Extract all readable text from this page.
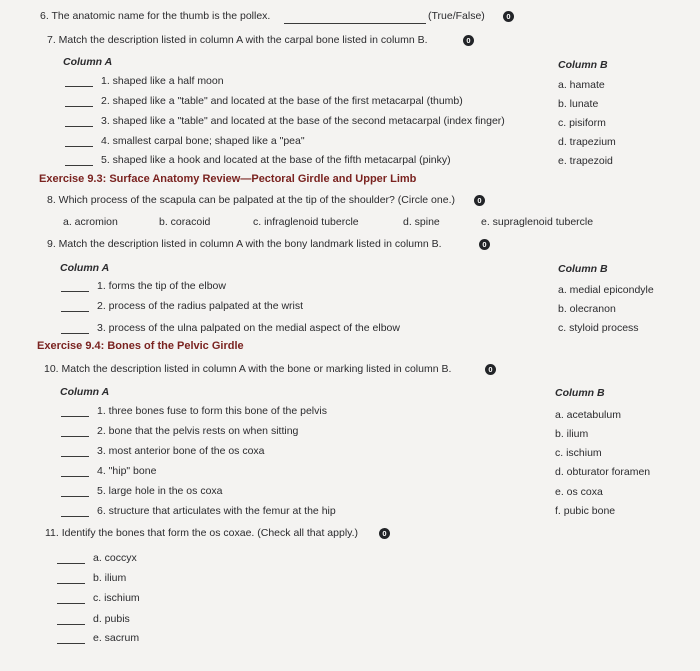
6. The anatomic name for the thumb is the pollex.	(True/False)	0
7. Match the description listed in column A with the carpal bone listed in column B.	0
Column A	Column B
1. shaped like a half moon
2. shaped like a "table" and located at the base of the first metacarpal (thumb)
3. shaped like a "table" and located at the base of the second metacarpal (index finger)
4. smallest carpal bone; shaped like a "pea"
5. shaped like a hook and located at the base of the fifth metacarpal (pinky)
a. hamate
b. lunate
c. pisiform
d. trapezium
e. trapezoid
Exercise 9.3: Surface Anatomy Review—Pectoral Girdle and Upper Limb
8. Which process of the scapula can be palpated at the tip of the shoulder? (Circle one.)	0
a. acromion	b. coracoid	c. infraglenoid tubercle	d. spine	e. supraglenoid tubercle
9. Match the description listed in column A with the bony landmark listed in column B.	0
Column A	Column B
1. forms the tip of the elbow
2. process of the radius palpated at the wrist
3. process of the ulna palpated on the medial aspect of the elbow
a. medial epicondyle
b. olecranon
c. styloid process
Exercise 9.4: Bones of the Pelvic Girdle
10. Match the description listed in column A with the bone or marking listed in column B.	0
Column A	Column B
1. three bones fuse to form this bone of the pelvis
2. bone that the pelvis rests on when sitting
3. most anterior bone of the os coxa
4. "hip" bone
5. large hole in the os coxa
6. structure that articulates with the femur at the hip
a. acetabulum
b. ilium
c. ischium
d. obturator foramen
e. os coxa
f. pubic bone
11. Identify the bones that form the os coxae. (Check all that apply.)	0
a. coccyx
b. ilium
c. ischium
d. pubis
e. sacrum
